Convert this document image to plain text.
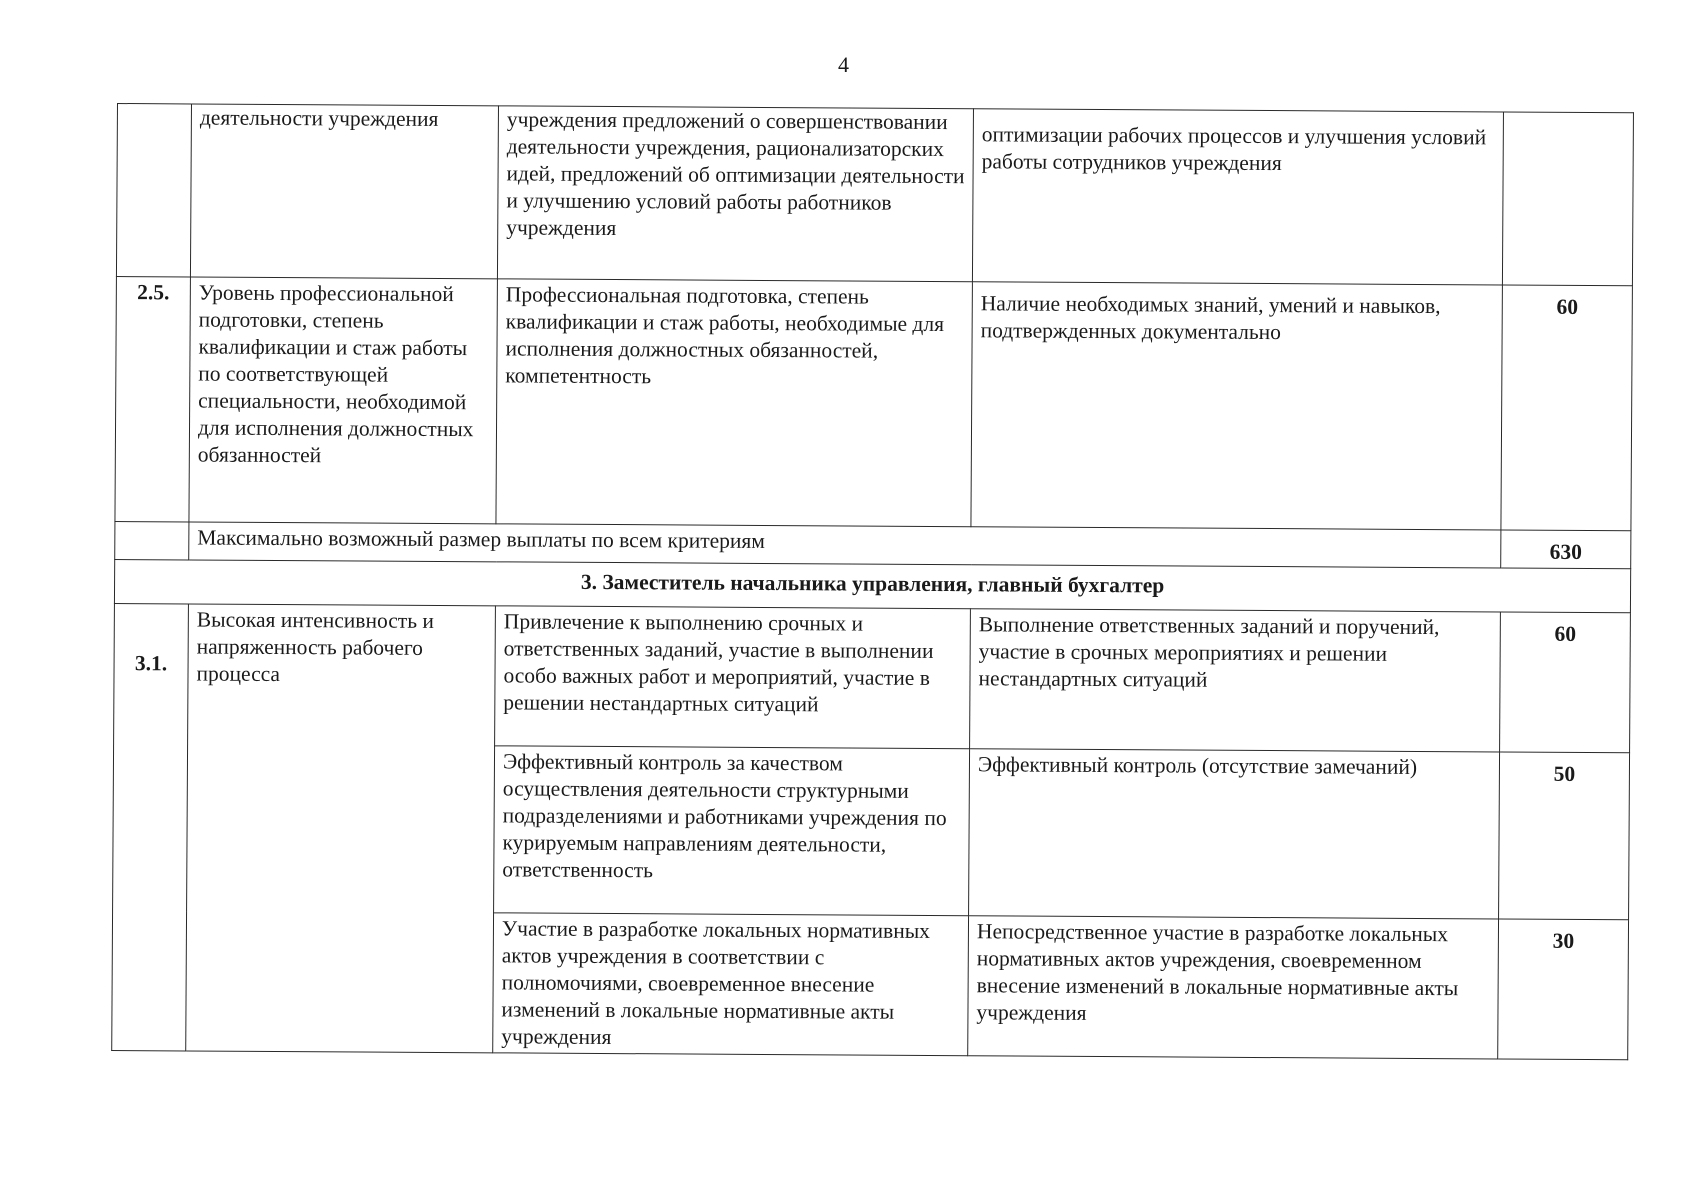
4
	деятельности учреждения	учреждения предложений о совершенствовании деятельности учреждения, рационализаторских идей, предложений об оптимизации деятельности и улучшению условий работы работников учреждения	оптимизации рабочих процессов и улучшения условий работы сотрудников учреждения	
2.5.	Уровень профессиональной подготовки, степень квалификации и стаж работы по соответствующей специальности, необходимой для исполнения должностных обязанностей	Профессиональная подготовка, степень квалификации и стаж работы, необходимые для исполнения должностных обязанностей, компетентность	Наличие необходимых знаний, умений и навыков, подтвержденных документально	60
	Максимально возможный размер выплаты по всем критериям			630
3. Заместитель начальника управления, главный бухгалтер				
3.1.	Высокая интенсивность и напряженность рабочего процесса	Привлечение к выполнению срочных и ответственных заданий, участие в выполнении особо важных работ и мероприятий, участие в решении нестандартных ситуаций	Выполнение ответственных заданий и поручений, участие в срочных мероприятиях и решении нестандартных ситуаций	60
		Эффективный контроль за качеством осуществления деятельности структурными подразделениями и работниками учреждения по курируемым направлениям деятельности, ответственность	Эффективный контроль (отсутствие замечаний)	50
		Участие в разработке локальных нормативных актов учреждения в соответствии с полномочиями, своевременное внесение изменений в локальные нормативные акты учреждения	Непосредственное участие в разработке локальных нормативных актов учреждения, своевременном внесение изменений в локальные нормативные акты учреждения	30
